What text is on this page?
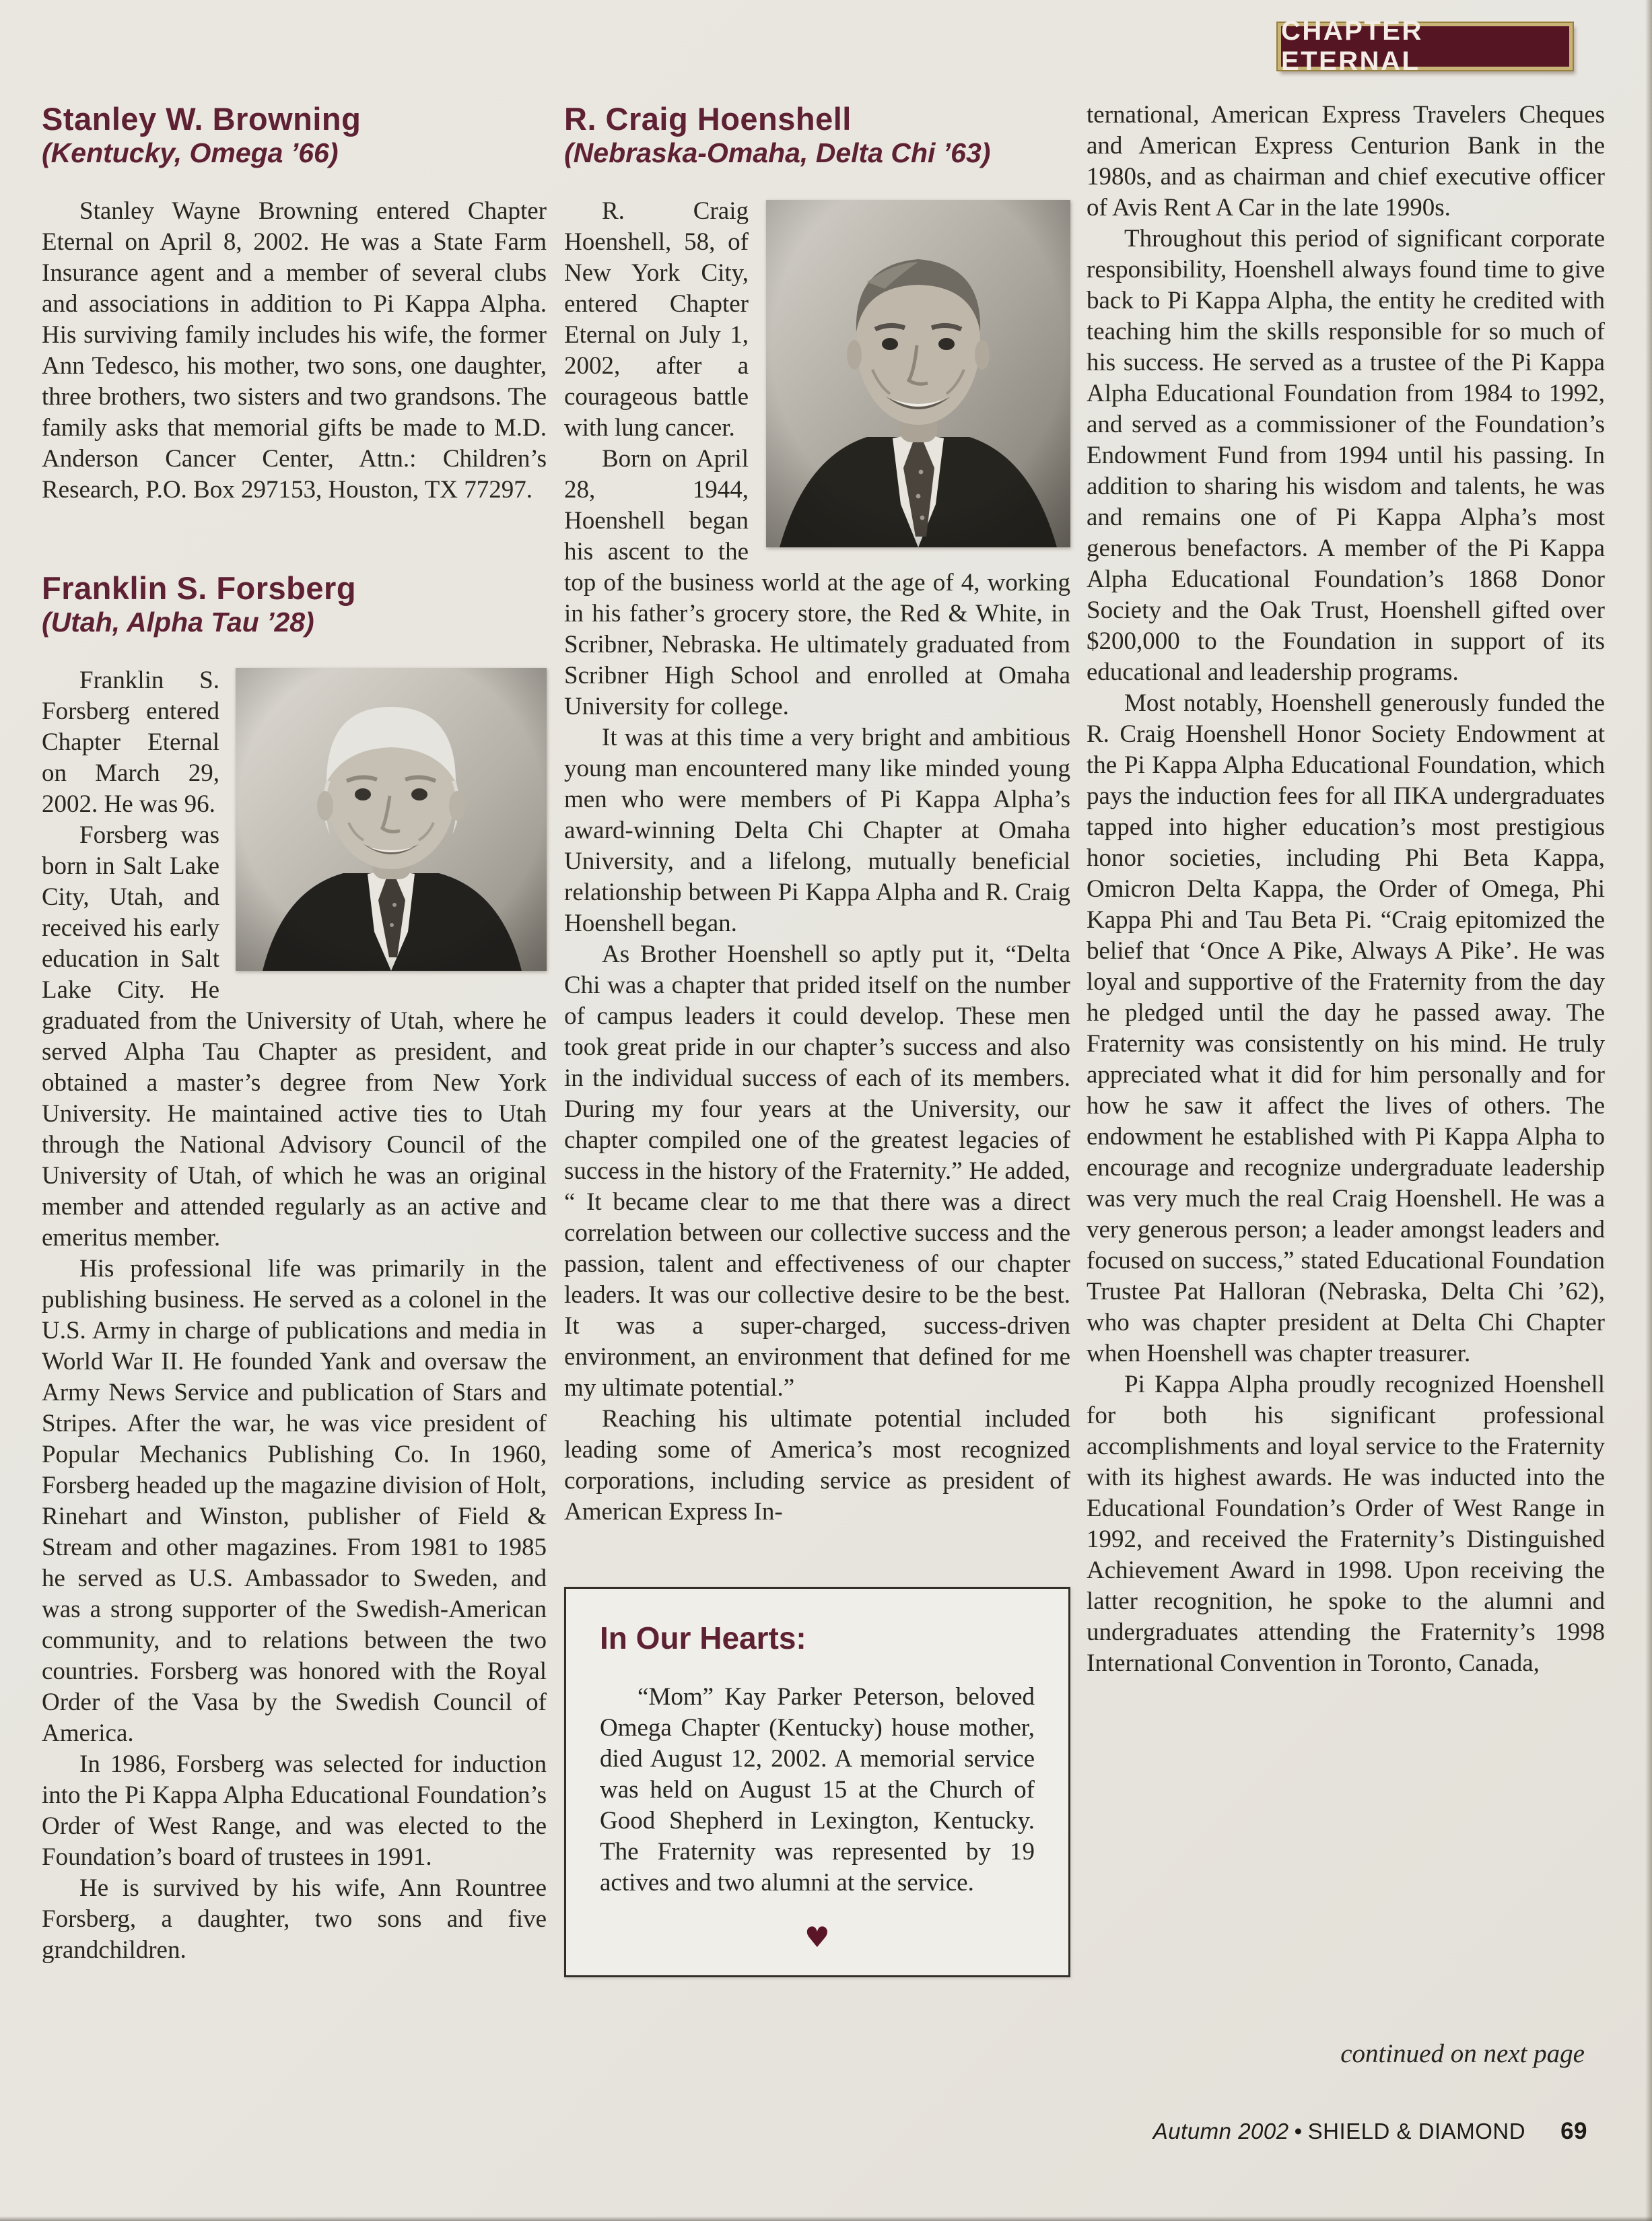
CHAPTER ETERNAL
Stanley W. Browning

(Kentucky, Omega ’66)

Stanley Wayne Browning entered Chapter Eternal on April 8, 2002. He was a State Farm Insurance agent and a member of several clubs and associations in addition to Pi Kappa Alpha. His surviving family includes his wife, the former Ann Tedesco, his mother, two sons, one daughter, three brothers, two sisters and two grandsons. The family asks that memorial gifts be made to M.D. Anderson Cancer Center, Attn.: Children’s Research, P.O. Box 297153, Houston, TX 77297.

Franklin S. Forsberg

(Utah, Alpha Tau ’28)

Franklin S. Forsberg entered Chapter Eternal on March 29, 2002. He was 96.

Forsberg was born in Salt Lake City, Utah, and received his early education in Salt Lake City. He graduated from the University of Utah, where he served Alpha Tau Chapter as president, and obtained a master’s degree from New York University. He maintained active ties to Utah through the National Advisory Council of the University of Utah, of which he was an original member and attended regularly as an active and emeritus member.

His professional life was primarily in the publishing business. He served as a colonel in the U.S. Army in charge of publications and media in World War II. He founded Yank and oversaw the Army News Service and publication of Stars and Stripes. After the war, he was vice president of Popular Mechanics Publishing Co. In 1960, Forsberg headed up the magazine division of Holt, Rinehart and Winston, publisher of Field & Stream and other magazines. From 1981 to 1985 he served as U.S. Ambassador to Sweden, and was a strong supporter of the Swedish-American community, and to relations between the two countries. Forsberg was honored with the Royal Order of the Vasa by the Swedish Council of America.

In 1986, Forsberg was selected for induction into the Pi Kappa Alpha Educational Foundation’s Order of West Range, and was elected to the Foundation’s board of trustees in 1991.

He is survived by his wife, Ann Rountree Forsberg, a daughter, two sons and five grandchildren.

R. Craig Hoenshell

(Nebraska-Omaha, Delta Chi ’63)

R. Craig Hoenshell, 58, of New York City, entered Chapter Eternal on July 1, 2002, after a courageous battle with lung cancer.

Born on April 28, 1944, Hoenshell began his ascent to the top of the business world at the age of 4, working in his father’s grocery store, the Red & White, in Scribner, Nebraska. He ultimately graduated from Scribner High School and enrolled at Omaha University for college.

It was at this time a very bright and ambitious young man encountered many like minded young men who were members of Pi Kappa Alpha’s award-winning Delta Chi Chapter at Omaha University, and a lifelong, mutually beneficial relationship between Pi Kappa Alpha and R. Craig Hoenshell began.

As Brother Hoenshell so aptly put it, “Delta Chi was a chapter that prided itself on the number of campus leaders it could develop. These men took great pride in our chapter’s success and also in the individual success of each of its members. During my four years at the University, our chapter compiled one of the greatest legacies of success in the history of the Fraternity.” He added, “ It became clear to me that there was a direct correlation between our collective success and the passion, talent and effectiveness of our chapter leaders. It was our collective desire to be the best. It was a super-charged, success-driven environment, an environment that defined for me my ultimate potential.”

Reaching his ultimate potential included leading some of America’s most recognized corporations, including service as president of American Express In-

In Our Hearts:

“Mom” Kay Parker Peterson, beloved Omega Chapter (Kentucky) house mother, died August 12, 2002. A memorial service was held on August 15 at the Church of Good Shepherd in Lexington, Kentucky. The Fraternity was represented by 19 actives and two alumni at the service.

♥

ternational, American Express Travelers Cheques and American Express Centurion Bank in the 1980s, and as chairman and chief executive officer of Avis Rent A Car in the late 1990s.

Throughout this period of significant corporate responsibility, Hoenshell always found time to give back to Pi Kappa Alpha, the entity he credited with teaching him the skills responsible for so much of his success. He served as a trustee of the Pi Kappa Alpha Educational Foundation from 1984 to 1992, and served as a commissioner of the Foundation’s Endowment Fund from 1994 until his passing. In addition to sharing his wisdom and talents, he was and remains one of Pi Kappa Alpha’s most generous benefactors. A member of the Pi Kappa Alpha Educational Foundation’s 1868 Donor Society and the Oak Trust, Hoenshell gifted over $200,000 to the Foundation in support of its educational and leadership programs.

Most notably, Hoenshell generously funded the R. Craig Hoenshell Honor Society Endowment at the Pi Kappa Alpha Educational Foundation, which pays the induction fees for all ΠΚΑ undergraduates tapped into higher education’s most prestigious honor societies, including Phi Beta Kappa, Omicron Delta Kappa, the Order of Omega, Phi Kappa Phi and Tau Beta Pi. “Craig epitomized the belief that ‘Once A Pike, Always A Pike’. He was loyal and supportive of the Fraternity from the day he pledged until the day he passed away. The Fraternity was consistently on his mind. He truly appreciated what it did for him personally and for how he saw it affect the lives of others. The endowment he established with Pi Kappa Alpha to encourage and recognize undergraduate leadership was very much the real Craig Hoenshell. He was a very generous person; a leader amongst leaders and focused on success,” stated Educational Foundation Trustee Pat Halloran (Nebraska, Delta Chi ’62), who was chapter president at Delta Chi Chapter when Hoenshell was chapter treasurer.

Pi Kappa Alpha proudly recognized Hoenshell for both his significant professional accomplishments and loyal service to the Fraternity with its highest awards. He was inducted into the Educational Foundation’s Order of West Range in 1992, and received the Fraternity’s Distinguished Achievement Award in 1998. Upon receiving the latter recognition, he spoke to the alumni and undergraduates attending the Fraternity’s 1998 International Convention in Toronto, Canada,

continued on next page
Autumn 2002 • SHIELD & DIAMOND 69
